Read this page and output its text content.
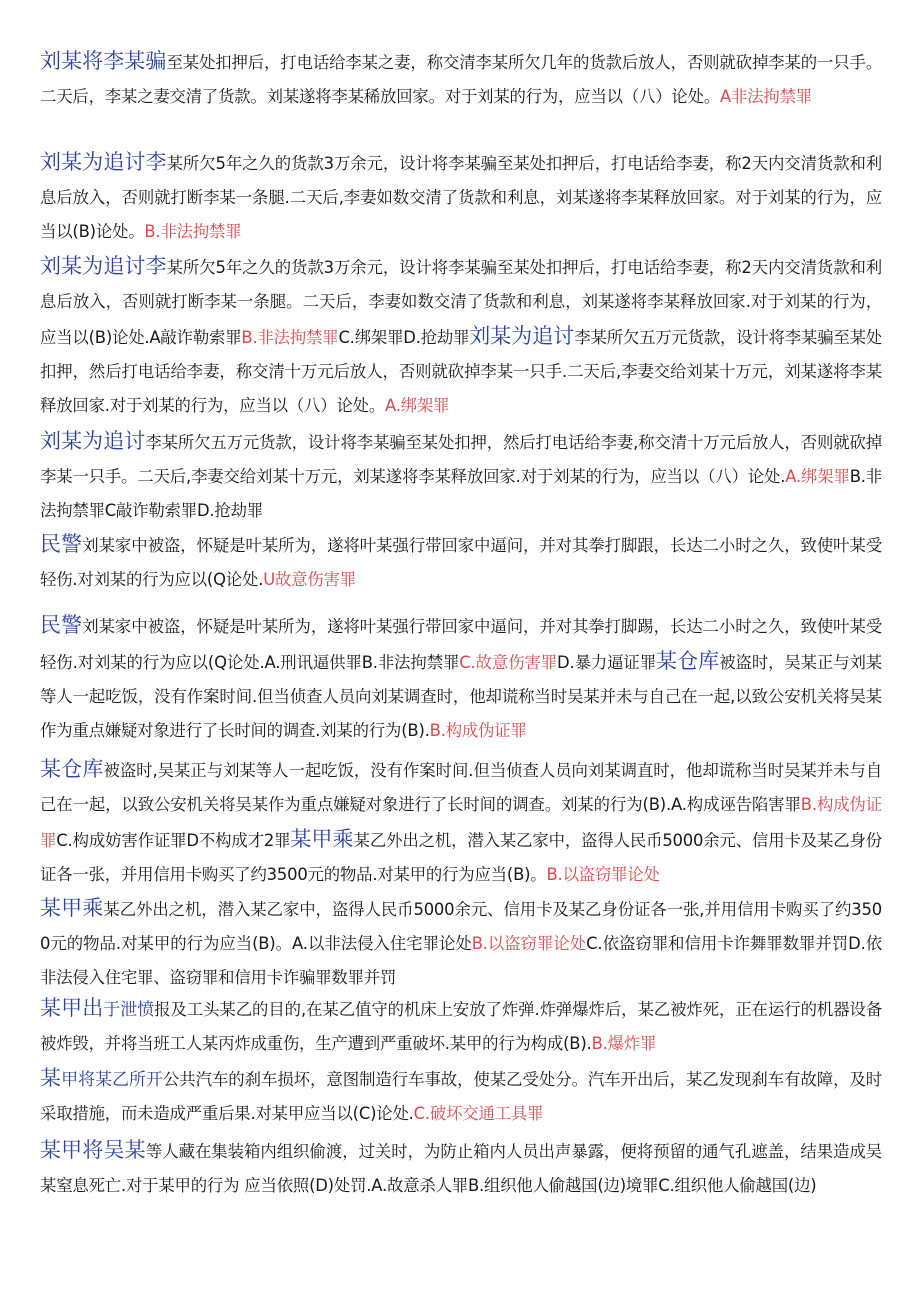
刘某将李某骗至某处扣押后，打电话给李某之妻，称交清李某所欠几年的货款后放人，否则就砍掉李某的一只手。二天后，李某之妻交清了货款。刘某遂将李某稀放回家。对于刘某的行为，应当以（八）论处。A非法拘禁罪

刘某为追讨李某所欠5年之久的货款3万余元，设计将李某骗至某处扣押后，打电话给李妻，称2天内交清货款和利息后放入，否则就打断李某一条腿.二天后,李妻如数交清了货款和利息，刘某遂将李某释放回家。对于刘某的行为，应当以(B)论处。B.非法拘禁罪

刘某为追讨李某所欠5年之久的货款3万余元，设计将李某骗至某处扣押后，打电话给李妻，称2天内交清货款和利息后放入，否则就打断李某一条腿。二天后，李妻如数交清了货款和利息，刘某遂将李某释放回家.对于刘某的行为，应当以(B)论处.A敲诈勒索罪B.非法拘禁罪C.绑架罪D.抢劫罪刘某为追讨李某所欠五万元货款，设计将李某骗至某处扣押，然后打电话给李妻，称交清十万元后放人，否则就砍掉李某一只手.二天后,李妻交给刘某十万元，刘某遂将李某释放回家.对于刘某的行为，应当以（八）论处。A.绑架罪

刘某为追讨李某所欠五万元货款，设计将李某骗至某处扣押，然后打电话给李妻,称交清十万元后放人，否则就砍掉李某一只手。二天后,李妻交给刘某十万元，刘某遂将李某释放回家.对于刘某的行为，应当以（八）论处.A.绑架罪B.非法拘禁罪C敲诈勒索罪D.抢劫罪

民警刘某家中被盗，怀疑是叶某所为，遂将叶某强行带回家中逼问，并对其拳打脚跟，长达二小时之久，致使叶某受轻伤.对刘某的行为应以(Q论处.U故意伤害罪

民警刘某家中被盗，怀疑是叶某所为，遂将叶某强行带回家中逼问，并对其拳打脚踢，长达二小时之久，致使叶某受轻伤.对刘某的行为应以(Q论处.A.刑讯逼供罪B.非法拘禁罪C.故意伤害罪D.暴力逼证罪某仓库被盗时，吴某正与刘某等人一起吃饭，没有作案时间.但当侦查人员向刘某调查时，他却谎称当时吴某并未与自己在一起,以致公安机关将吴某作为重点嫌疑对象进行了长时间的调查.刘某的行为(B).B.构成伪证罪

某仓库被盗时,吴某正与刘某等人一起吃饭，没有作案时间.但当侦查人员向刘某调直时，他却谎称当时吴某并未与自己在一起，以致公安机关将吴某作为重点嫌疑对象进行了长时间的调查。刘某的行为(B).A.构成诬告陷害罪B.构成伪证罪C.构成妨害作证罪D不构成才2罪某甲乘某乙外出之机，潜入某乙家中，盗得人民币5000余元、信用卡及某乙身份证各一张，并用信用卡购买了约3500元的物品.对某甲的行为应当(B)。B.以盗窃罪论处

某甲乘某乙外出之机，潜入某乙家中，盗得人民币5000余元、信用卡及某乙身份证各一张,并用信用卡购买了约3500元的物品.对某甲的行为应当(B)。A.以非法侵入住宅罪论处B.以盗窃罪论处C.依盗窃罪和信用卡诈舞罪数罪并罚D.依非法侵入住宅罪、盗窃罪和信用卡诈骗罪数罪并罚

某甲出于泄愤报及工头某乙的目的,在某乙值守的机床上安放了炸弹.炸弹爆炸后，某乙被炸死，正在运行的机器设备被炸毁，并将当班工人某丙炸成重伤，生产遭到严重破坏.某甲的行为构成(B).B.爆炸罪

某甲将某乙所开公共汽车的刹车损坏，意图制造行车事故，使某乙受处分。汽车开出后，某乙发现刹车有故障，及时采取措施，而未造成严重后果.对某甲应当以(C)论处.C.破坏交通工具罪

某甲将吴某等人藏在集装箱内组织偷渡，过关时，为防止箱内人员出声暴露，便将预留的通气孔遮盖，结果造成吴某窒息死亡.对于某甲的行为 应当依照(D)处罚.A.故意杀人罪B.组织他人偷越国(边)境罪C.组织他人偷越国(边)
